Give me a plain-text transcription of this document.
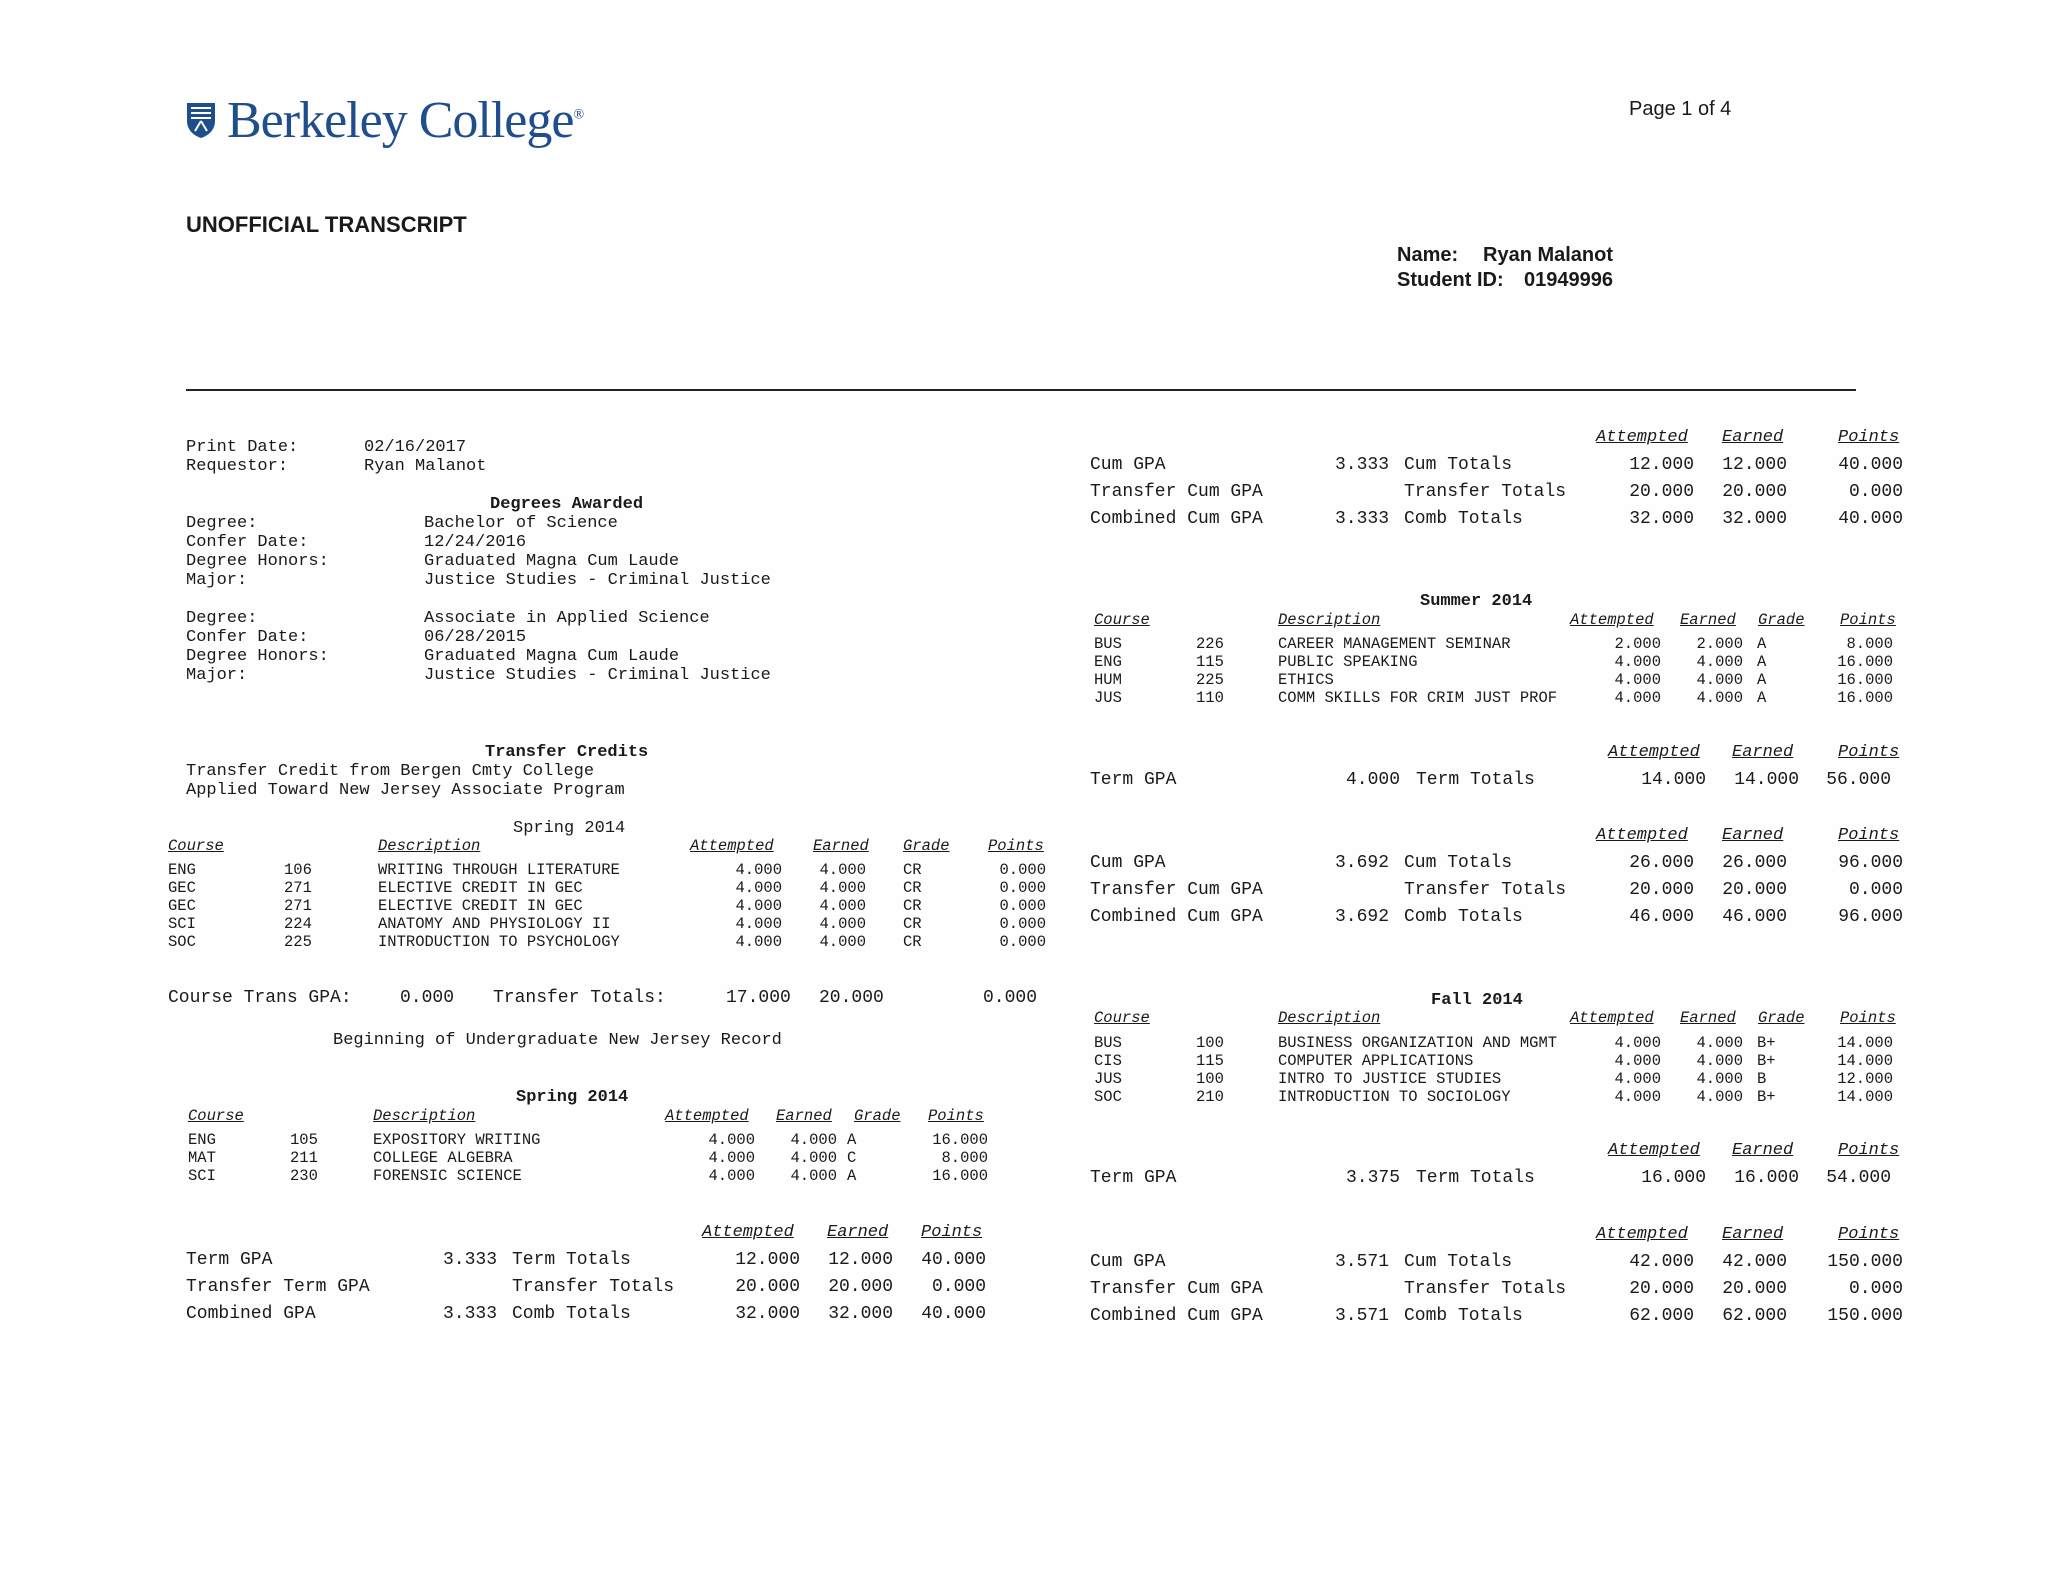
Berkeley College®	Page 1 of 4
UNOFFICIAL TRANSCRIPT
Name: Ryan Malanot
Student ID: 01949996
Print Date:	02/16/2017
Requestor:	Ryan Malanot
Degrees Awarded
Degree:	Bachelor of Science
Confer Date:	12/24/2016
Degree Honors:	Graduated Magna Cum Laude
Major:	Justice Studies - Criminal Justice
Degree:	Associate in Applied Science
Confer Date:	06/28/2015
Degree Honors:	Graduated Magna Cum Laude
Major:	Justice Studies - Criminal Justice
Transfer Credits
Transfer Credit from Bergen Cmty College
Applied Toward New Jersey Associate Program
Spring 2014
Course	Description	Attempted	Earned Grade Points
ENG	106	WRITING THROUGH LITERATURE	4.000	4.000 CR	0.000
GEC	271	ELECTIVE CREDIT IN GEC	4.000	4.000 CR	0.000
GEC	271	ELECTIVE CREDIT IN GEC	4.000	4.000 CR	0.000
SCI	224	ANATOMY AND PHYSIOLOGY II	4.000	4.000 CR	0.000
SOC	225	INTRODUCTION TO PSYCHOLOGY	4.000	4.000 CR	0.000
Course Trans GPA:	0.000 Transfer Totals:	17.000 20.000	0.000
Beginning of Undergraduate New Jersey Record
Spring 2014
Course	Description	Attempted Earned Grade Points
ENG	105	EXPOSITORY WRITING	4.000	4.000 A	16.000
MAT	211	COLLEGE ALGEBRA	4.000	4.000 C	8.000
SCI	230	FORENSIC SCIENCE	4.000	4.000 A	16.000
Attempted Earned Points
Term GPA	3.333 Term Totals	12.000	12.000	40.000
Transfer Term GPA	Transfer Totals	20.000	20.000	0.000
Combined GPA	3.333 Comb Totals	32.000	32.000	40.000
Attempted Earned	Points
Cum GPA	3.333 Cum Totals	12.000	12.000	40.000
Transfer Cum GPA	Transfer Totals	20.000	20.000	0.000
Combined Cum GPA	3.333 Comb Totals	32.000	32.000	40.000
Summer 2014
Course	Description	Attempted Earned Grade Points
BUS	226	CAREER MANAGEMENT SEMINAR	2.000	2.000 A	8.000
ENG	115	PUBLIC SPEAKING	4.000	4.000 A	16.000
HUM	225	ETHICS	4.000	4.000 A	16.000
JUS	110	COMM SKILLS FOR CRIM JUST PROF	4.000	4.000 A	16.000
Attempted Earned	Points
Term GPA	4.000 Term Totals	14.000	14.000	56.000
Attempted Earned	Points
Cum GPA	3.692 Cum Totals	26.000	26.000	96.000
Transfer Cum GPA	Transfer Totals	20.000	20.000	0.000
Combined Cum GPA	3.692 Comb Totals	46.000	46.000	96.000
Fall 2014
Course	Description	Attempted Earned Grade Points
BUS	100	BUSINESS ORGANIZATION AND MGMT	4.000	4.000 B+	14.000
CIS	115	COMPUTER APPLICATIONS	4.000	4.000 B+	14.000
JUS	100	INTRO TO JUSTICE STUDIES	4.000	4.000 B	12.000
SOC	210	INTRODUCTION TO SOCIOLOGY	4.000	4.000 B+	14.000
Attempted Earned	Points
Term GPA	3.375 Term Totals	16.000	16.000	54.000
Attempted Earned	Points
Cum GPA	3.571 Cum Totals	42.000	42.000	150.000
Transfer Cum GPA	Transfer Totals	20.000	20.000	0.000
Combined Cum GPA	3.571 Comb Totals	62.000	62.000	150.000
